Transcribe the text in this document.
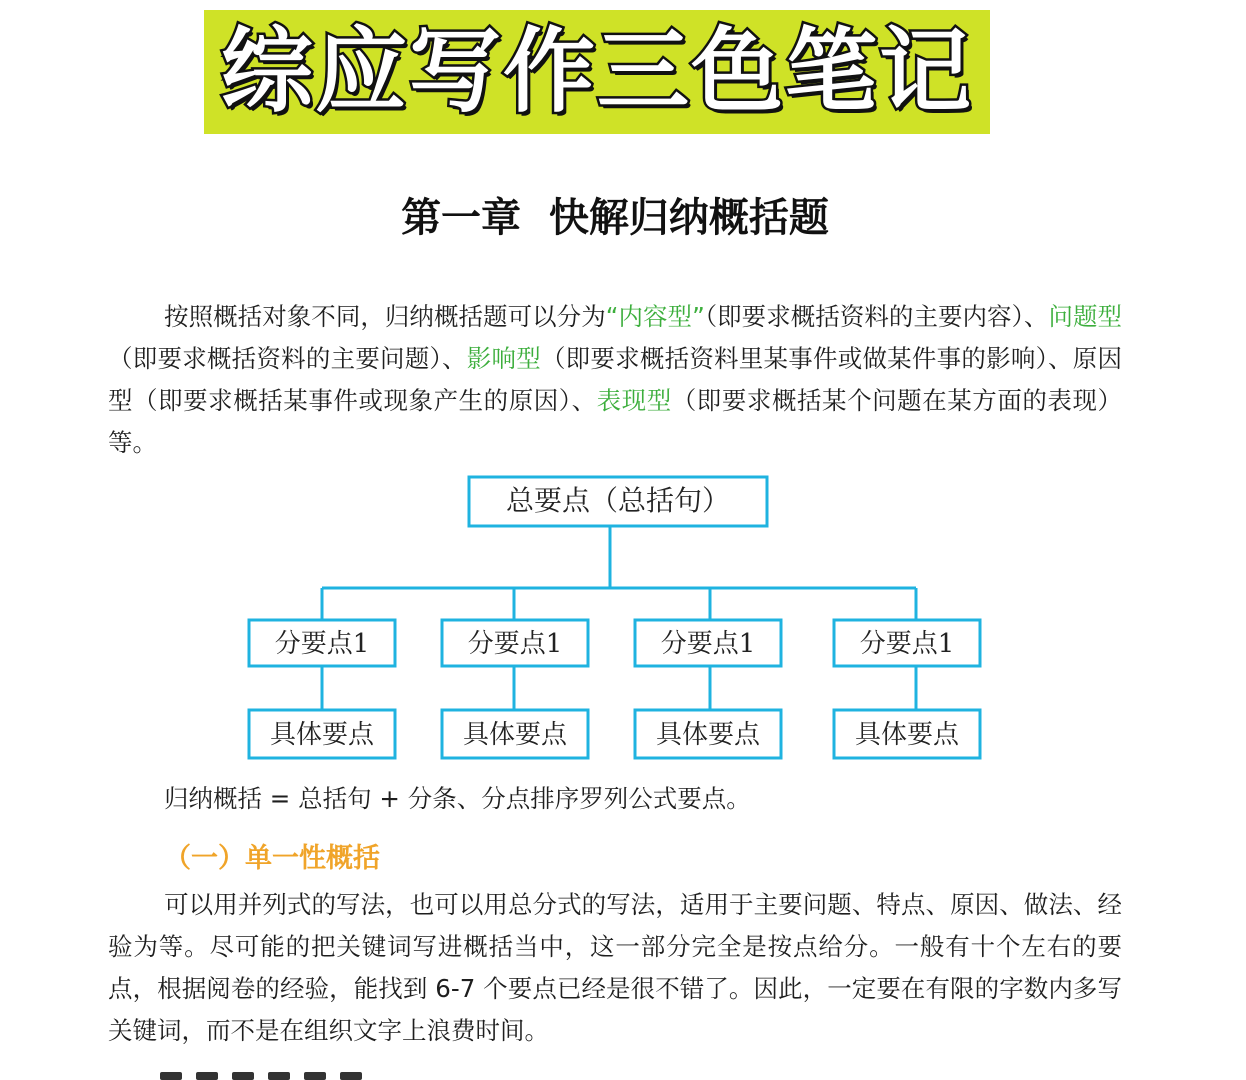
综应写作三色笔记
第一章  快解归纳概括题

按照概括对象不同，归纳概括题可以分为“内容型”（即要求概括资料的主要内容）、问题型（即要求概括资料的主要问题）、影响型（即要求概括资料里某事件或做某件事的影响）、原因型（即要求概括某事件或现象产生的原因）、表现型（即要求概括某个问题在某方面的表现）等。

总要点（总括句）
分要点1	分要点1	分要点1	分要点1
具体要点	具体要点	具体要点	具体要点
归纳概括 = 总括句 + 分条、分点排序罗列公式要点。
（一）单一性概括

可以用并列式的写法，也可以用总分式的写法，适用于主要问题、特点、原因、做法、经验为等。尽可能的把关键词写进概括当中，这一部分完全是按点给分。一般有十个左右的要点，根据阅卷的经验，能找到 6-7 个要点已经是很不错了。因此，一定要在有限的字数内多写关键词，而不是在组织文字上浪费时间。
